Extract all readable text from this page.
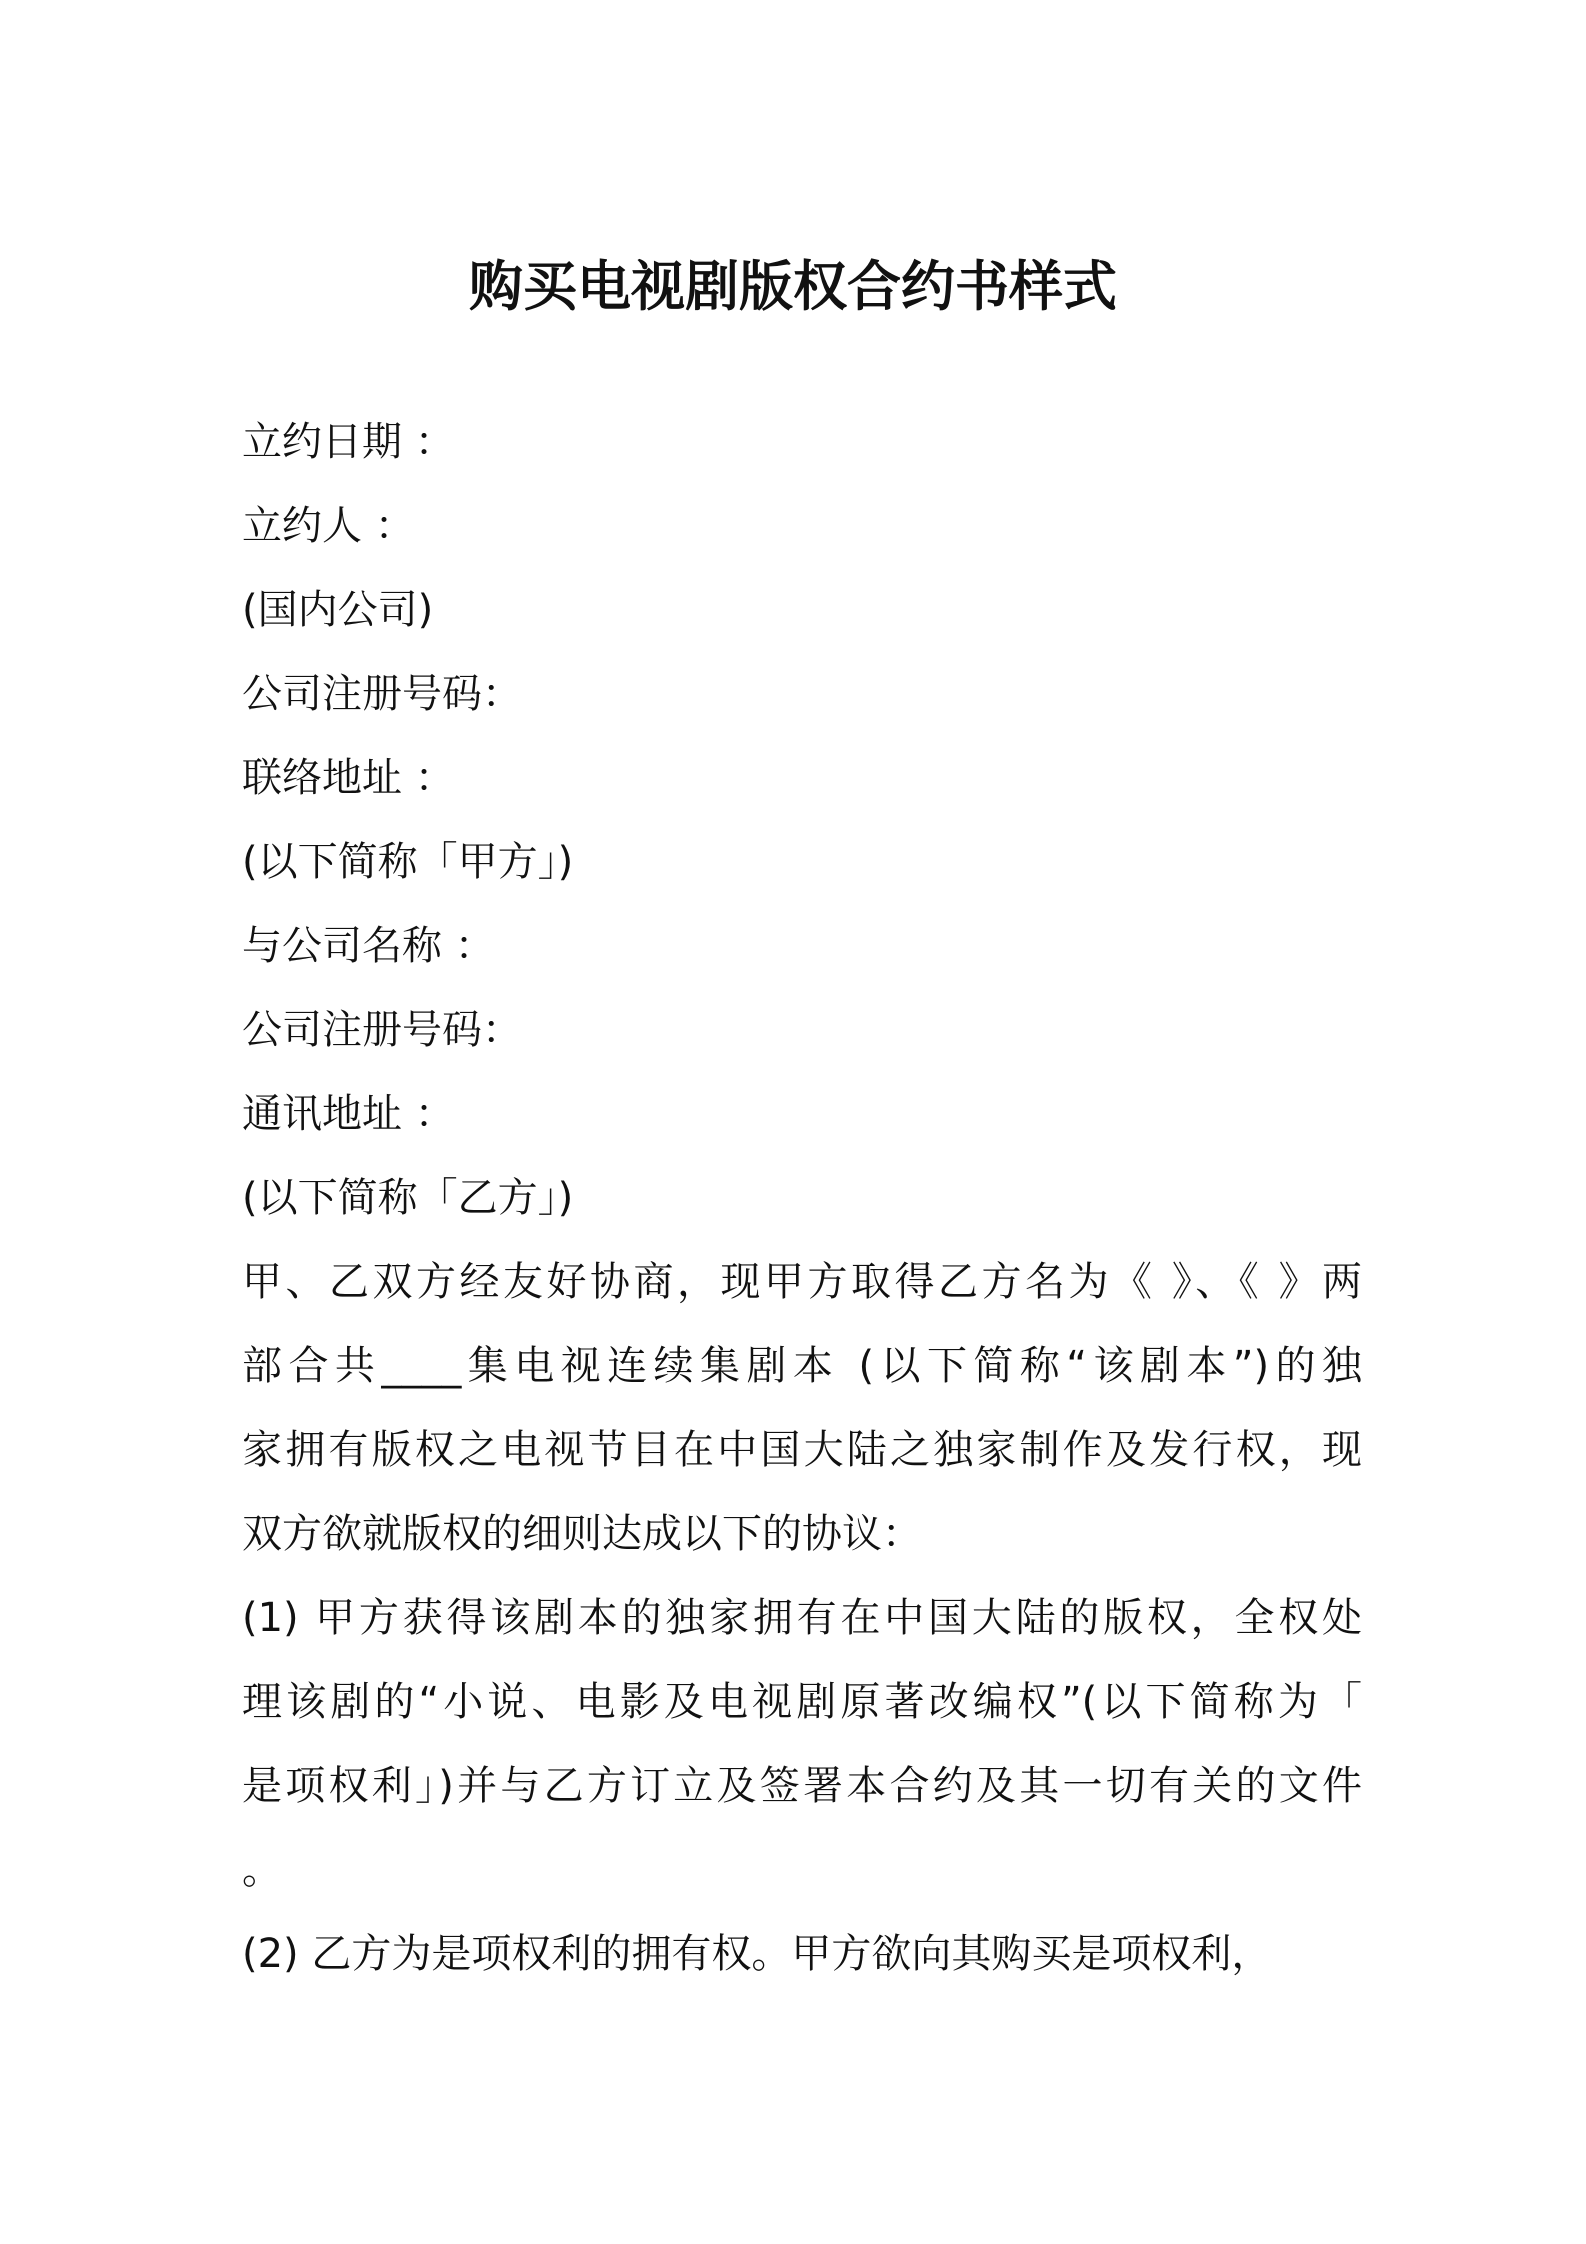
购买电视剧版权合约书样式
立约日期 ：
立约人 ：
(国内公司)
公司注册号码：
联络地址 ：
(以下简称「甲方」)
与公司名称 ：
公司注册号码：
通讯地址 ：
(以下简称「乙方」)
甲、乙双方经友好协商，现甲方取得乙方名为《 》、《 》两
部合共____集电视连续集剧本 (以下简称“该剧本”)的独
家拥有版权之电视节目在中国大陆之独家制作及发行权，现
双方欲就版权的细则达成以下的协议：
(1) 甲方获得该剧本的独家拥有在中国大陆的版权，全权处
理该剧的“小说、电影及电视剧原著改编权”(以下简称为「
是项权利」)并与乙方订立及签署本合约及其一切有关的文件
。
(2) 乙方为是项权利的拥有权。甲方欲向其购买是项权利，
